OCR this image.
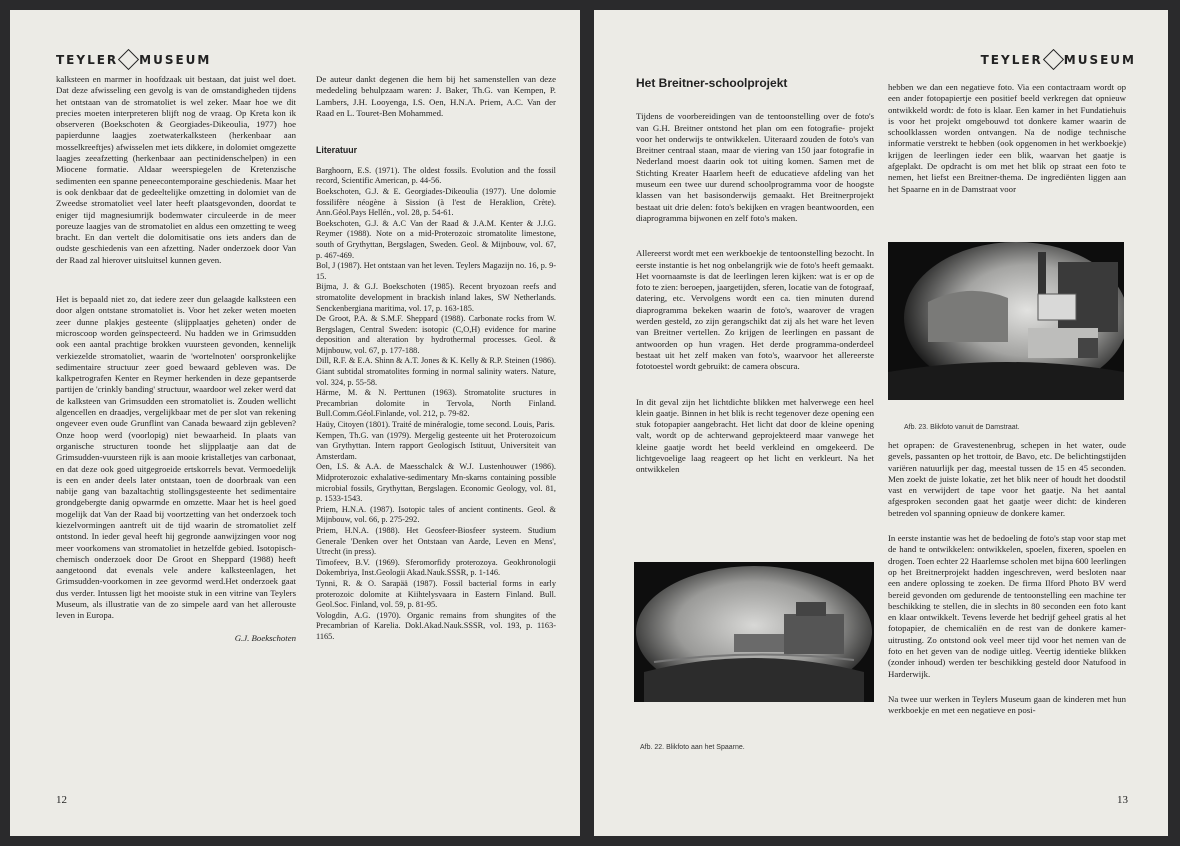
TEYLER MUSEUM

kalksteen en marmer in hoofdzaak uit bestaan, dat juist wel doet. Dat deze afwisseling een gevolg is van de omstandigheden tijdens het ontstaan van de stromatoliet is wel zeker. Maar hoe we dit precies moeten interpreteren blijft nog de vraag. Op Kreta kon ik observeren (Boekschoten & Georgiades-Dikeoulia, 1977) hoe papierdunne laagjes zoetwaterkalksteen (herkenbaar aan mosselkreeftjes) afwisselen met iets dikkere, in dolomiet omgezette laagjes zeeafzetting (herkenbaar aan pectinidenschelpen) in een Miocene formatie. Aldaar weerspiegelen de Kretenzische sedimenten een spanne peneecontemporaine geschiedenis. Maar het is ook denkbaar dat de gedeeltelijke omzetting in dolomiet van de Zweedse stromatoliet veel later heeft plaatsgevonden, doordat te eniger tijd magnesiumrijk bodemwater circuleerde in de meer poreuze laagjes van de stromatoliet en aldus een omzetting te weeg bracht. En dan vertelt die dolomitisatie ons iets anders dan de oudste geschiedenis van een afzetting. Nader onderzoek door Van der Raad zal hierover uitsluitsel kunnen geven.

Het is bepaald niet zo, dat iedere zeer dun gelaagde kalksteen een door algen ontstane stromatoliet is. Voor het zeker weten moeten zeer dunne plakjes gesteente (slijpplaatjes geheten) onder de microscoop worden geïnspecteerd. Nu hadden we in Grimsudden ook een aantal prachtige brokken vuursteen gevonden, kennelijk verkiezelde stromatoliet, waarin de 'wortelnoten' oorspronkelijke sedimentaire structuur zeer goed bewaard gebleven was. De kalkpetrografen Kenter en Reymer herkenden in deze gepantserde partijen de 'crinkly banding' structuur, waardoor wel zeker werd dat de kalksteen van Grimsudden een stromatoliet is. Zouden wellicht algencellen en draadjes, vergelijkbaar met de per slot van rekening ongeveer even oude Grunflint van Canada bewaard zijn gebleven? Onze hoop werd (voorlopig) niet bewaarheid. In plaats van organische structuren toonde het slijpplaatje aan dat de Grimsudden-vuursteen rijk is aan mooie kristalletjes van carbonaat, en dat deze ook goed uitgegroeide ertskorrels bevat. Vermoedelijk is een en ander deels later ontstaan, toen de doorbraak van een nabije gang van bazaltachtig stollingsgesteente het sedimentaire grondgebergte danig opwarmde en omzette. Maar het is heel goed mogelijk dat Van der Raad bij voortzetting van het onderzoek toch kiezelvormingen aantreft uit de tijd waarin de stromatoliet zelf ontstond. In ieder geval heeft hij gegronde aanwijzingen voor nog meer voorkomens van stromatoliet in hetzelfde gebied. Isotopisch-chemisch onderzoek door De Groot en Sheppard (1988) heeft aangetoond dat evenals vele andere kalksteenlagen, het Grimsudden-voorkomen in zee gevormd werd.Het onderzoek gaat dus verder. Intussen ligt het mooiste stuk in een vitrine van Teylers Museum, als illustratie van de zo simpele aard van het allerouste leven in Europa.

G.J. Boekschoten

De auteur dankt degenen die hem bij het samenstellen van deze mededeling behulpzaam waren: J. Baker, Th.G. van Kempen, P. Lambers, J.H. Looyenga, I.S. Oen, H.N.A. Priem, A.C. Van der Raad en L. Touret-Ben Mohammed.

Literatuur

Barghoorn, E.S. (1971). The oldest fossils. Evolution and the fossil record, Scientific American, p. 44-56.

Boekschoten, G.J. & E. Georgiades-Dikeoulia (1977). Une dolomie fossilifère néogène à Sission (à l'est de Heraklion, Crète). Ann.Géol.Pays Hellén., vol. 28, p. 54-61.

Boekschoten, G.J. & A.C Van der Raad & J.A.M. Kenter & J.J.G. Reymer (1988). Note on a mid-Proterozoic stromatolite limestone, south of Grythyttan, Bergslagen, Sweden. Geol. & Mijnbouw, vol. 67, p. 467-469.

Bol, J (1987). Het ontstaan van het leven. Teylers Magazijn no. 16, p. 9-15.

Bijma, J. & G.J. Boekschoten (1985). Recent bryozoan reefs and stromatolite development in brackish inland lakes, SW Netherlands. Senckenbergiana maritima, vol. 17, p. 163-185.

De Groot, P.A. & S.M.F. Sheppard (1988). Carbonate rocks from W. Bergslagen, Central Sweden: isotopic (C,O,H) evidence for marine deposition and alteration by hydrothermal processes. Geol. & Mijnbouw, vol. 67, p. 177-188.

Dill, R.F. & E.A. Shinn & A.T. Jones & K. Kelly & R.P. Steinen (1986). Giant subtidal stromatolites forming in normal salinity waters. Nature, vol. 324, p. 55-58.

Härme, M. & N. Perttunen (1963). Stromatolite sructures in Precambrian dolomite in Tervola, North Finland. Bull.Comm.Géol.Finlande, vol. 212, p. 79-82.

Haüy, Citoyen (1801). Traité de minéralogie, tome second. Louis, Paris.

Kempen, Th.G. van (1979). Mergelig gesteente uit het Proterozoicum van Grythyttan. Intern rapport Geologisch Istituut, Universiteit van Amsterdam.

Oen, I.S. & A.A. de Maesschalck & W.J. Lustenhouwer (1986). Midproterozoic exhalative-sedimentary Mn-skarns containing possible microbial fossils, Grythyttan, Bergslagen. Economic Geology, vol. 81, p. 1533-1543.

Priem, H.N.A. (1987). Isotopic tales of ancient continents. Geol. & Mijnbouw, vol. 66, p. 275-292.

Priem, H.N.A. (1988). Het Geosfeer-Biosfeer systeem. Studium Generale 'Denken over het Ontstaan van Aarde, Leven en Mens', Utrecht (in press).

Timofeev, B.V. (1969). Sferomorfidy proterozoya. Geokhronologii Dokembriya, Inst.Geologii Akad.Nauk.SSSR, p. 1-146.

Tynni, R. & O. Sarapää (1987). Fossil bacterial forms in early proterozoic dolomite at Kiihtelysvaara in Eastern Finland. Bull. Geol.Soc. Finland, vol. 59, p. 81-95.

Vologdin, A.G. (1970). Organic remains from shungites of the Precambrian of Karelia. Dokl.Akad.Nauk.SSSR, vol. 193, p. 1163-1165.

12
TEYLER MUSEUM
Het Breitner-schoolprojekt

Tijdens de voorbereidingen van de tentoonstelling over de foto's van G.H. Breitner ontstond het plan om een fotografie- projekt voor het onderwijs te ontwikkelen. Uiteraard zouden de foto's van Breitner centraal staan, maar de viering van 150 jaar fotografie in Nederland moest daarin ook tot uiting komen. Samen met de Stichting Kreater Haarlem heeft de educatieve afdeling van het museum een twee uur durend schoolprogramma voor de hoogste klassen van het basisonderwijs gemaakt. Het Breitnerprojekt bestaat uit drie delen: foto's bekijken en vragen beantwoorden, een diaprogramma bijwonen en zelf foto's maken.

Allereerst wordt met een werkboekje de tentoonstelling bezocht. In eerste instantie is het nog onbelangrijk wie de foto's heeft gemaakt. Het voornaamste is dat de leerlingen leren kijken: wat is er op de foto te zien: beroepen, jaargetijden, sferen, locatie van de fotograaf, datering, etc. Vervolgens wordt een ca. tien minuten durend diaprogramma bekeken waarin de foto's, waarover de vragen werden gesteld, zo zijn gerangschikt dat zij als het ware het leven van Breitner vertellen. Zo krijgen de leerlingen en passant de antwoorden op hun vragen. Het derde programma-onderdeel bestaat uit het zelf maken van foto's, waarvoor het allereerste fototoestel wordt gebruikt: de camera obscura.

In dit geval zijn het lichtdichte blikken met halverwege een heel klein gaatje. Binnen in het blik is recht tegenover deze opening een stuk fotopapier aangebracht. Het licht dat door de kleine opening valt, wordt op de achterwand geprojekteerd maar vanwege het kleine gaatje wordt het beeld verkleind en omgekeerd. De lichtgevoelige laag reageert op het licht en verkleurt. Na het ontwikkelen

Afb. 22. Blikfoto aan het Spaarne.

hebben we dan een negatieve foto. Via een contactraam wordt op een ander fotopapiertje een positief beeld verkregen dat opnieuw ontwikkeld wordt: de foto is klaar. Een kamer in het Fundatiehuis is voor het projekt omgebouwd tot donkere kamer waarin de schoolklassen worden ontvangen. Na de nodige technische informatie verstrekt te hebben (ook opgenomen in het werkboekje) krijgen de leerlingen ieder een blik, waarvan het gaatje is afgeplakt. De opdracht is om met het blik op straat een foto te nemen, het liefst een Breitner-thema. De ingrediënten liggen aan het Spaarne en in de Damstraat voor

Afb. 23. Blikfoto vanuit de Damstraat.

het oprapen: de Gravestenenbrug, schepen in het water, oude gevels, passanten op het trottoir, de Bavo, etc. De belichtingstijden variëren natuurlijk per dag, meestal tussen de 15 en 45 seconden. Men zoekt de juiste lokatie, zet het blik neer of houdt het doodstil vast en verwijdert de tape voor het gaatje. Na het aantal afgesproken seconden gaat het gaatje weer dicht: de kinderen betreden vol spanning opnieuw de donkere kamer.

In eerste instantie was het de bedoeling de foto's stap voor stap met de hand te ontwikkelen: ontwikkelen, spoelen, fixeren, spoelen en drogen. Toen echter 22 Haarlemse scholen met bijna 600 leerlingen op het Breitnerprojekt hadden ingeschreven, werd besloten naar een andere oplossing te zoeken. De firma Ilford Photo BV werd bereid gevonden om gedurende de tentoonstelling een machine ter beschikking te stellen, die in slechts in 80 seconden een foto kant en klaar ontwikkelt. Tevens leverde het bedrijf geheel gratis al het fotopapier, de chemicaliën en de rest van de donkere kamer-uitrusting. Zo ontstond ook veel meer tijd voor het nemen van de foto en het geven van de nodige uitleg. Veertig identieke blikken (zonder inhoud) werden ter beschikking gesteld door Natufood in Harderwijk.

Na twee uur werken in Teylers Museum gaan de kinderen met hun werkboekje en met een negatieve en posi-

13
